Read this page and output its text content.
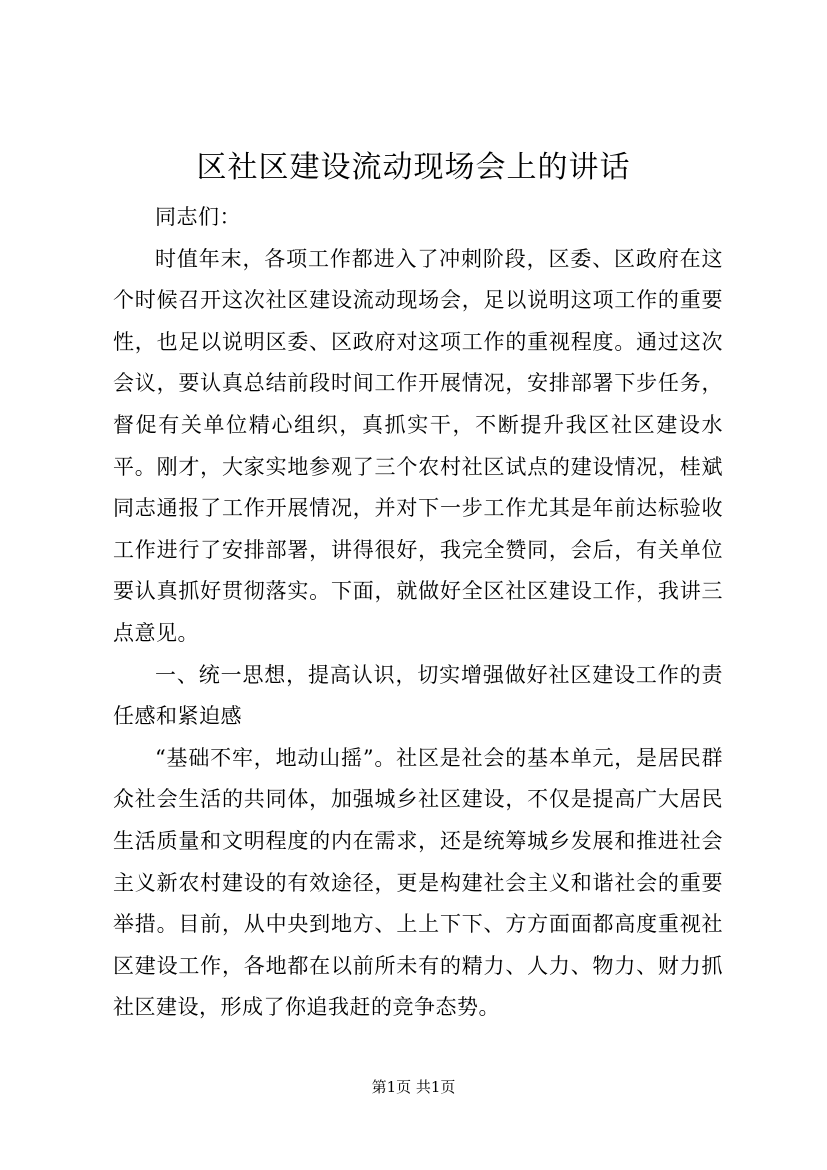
区社区建设流动现场会上的讲话

同志们：

时值年末，各项工作都进入了冲刺阶段，区委、区政府在这个时候召开这次社区建设流动现场会，足以说明这项工作的重要性，也足以说明区委、区政府对这项工作的重视程度。通过这次会议，要认真总结前段时间工作开展情况，安排部署下步任务，督促有关单位精心组织，真抓实干，不断提升我区社区建设水平。刚才，大家实地参观了三个农村社区试点的建设情况，桂斌同志通报了工作开展情况，并对下一步工作尤其是年前达标验收工作进行了安排部署，讲得很好，我完全赞同，会后，有关单位要认真抓好贯彻落实。下面，就做好全区社区建设工作，我讲三点意见。

一、统一思想，提高认识，切实增强做好社区建设工作的责任感和紧迫感

“基础不牢，地动山摇”。社区是社会的基本单元，是居民群众社会生活的共同体，加强城乡社区建设，不仅是提高广大居民生活质量和文明程度的内在需求，还是统筹城乡发展和推进社会主义新农村建设的有效途径，更是构建社会主义和谐社会的重要举措。目前，从中央到地方、上上下下、方方面面都高度重视社区建设工作，各地都在以前所未有的精力、人力、物力、财力抓社区建设，形成了你追我赶的竞争态势。

第1页 共1页
